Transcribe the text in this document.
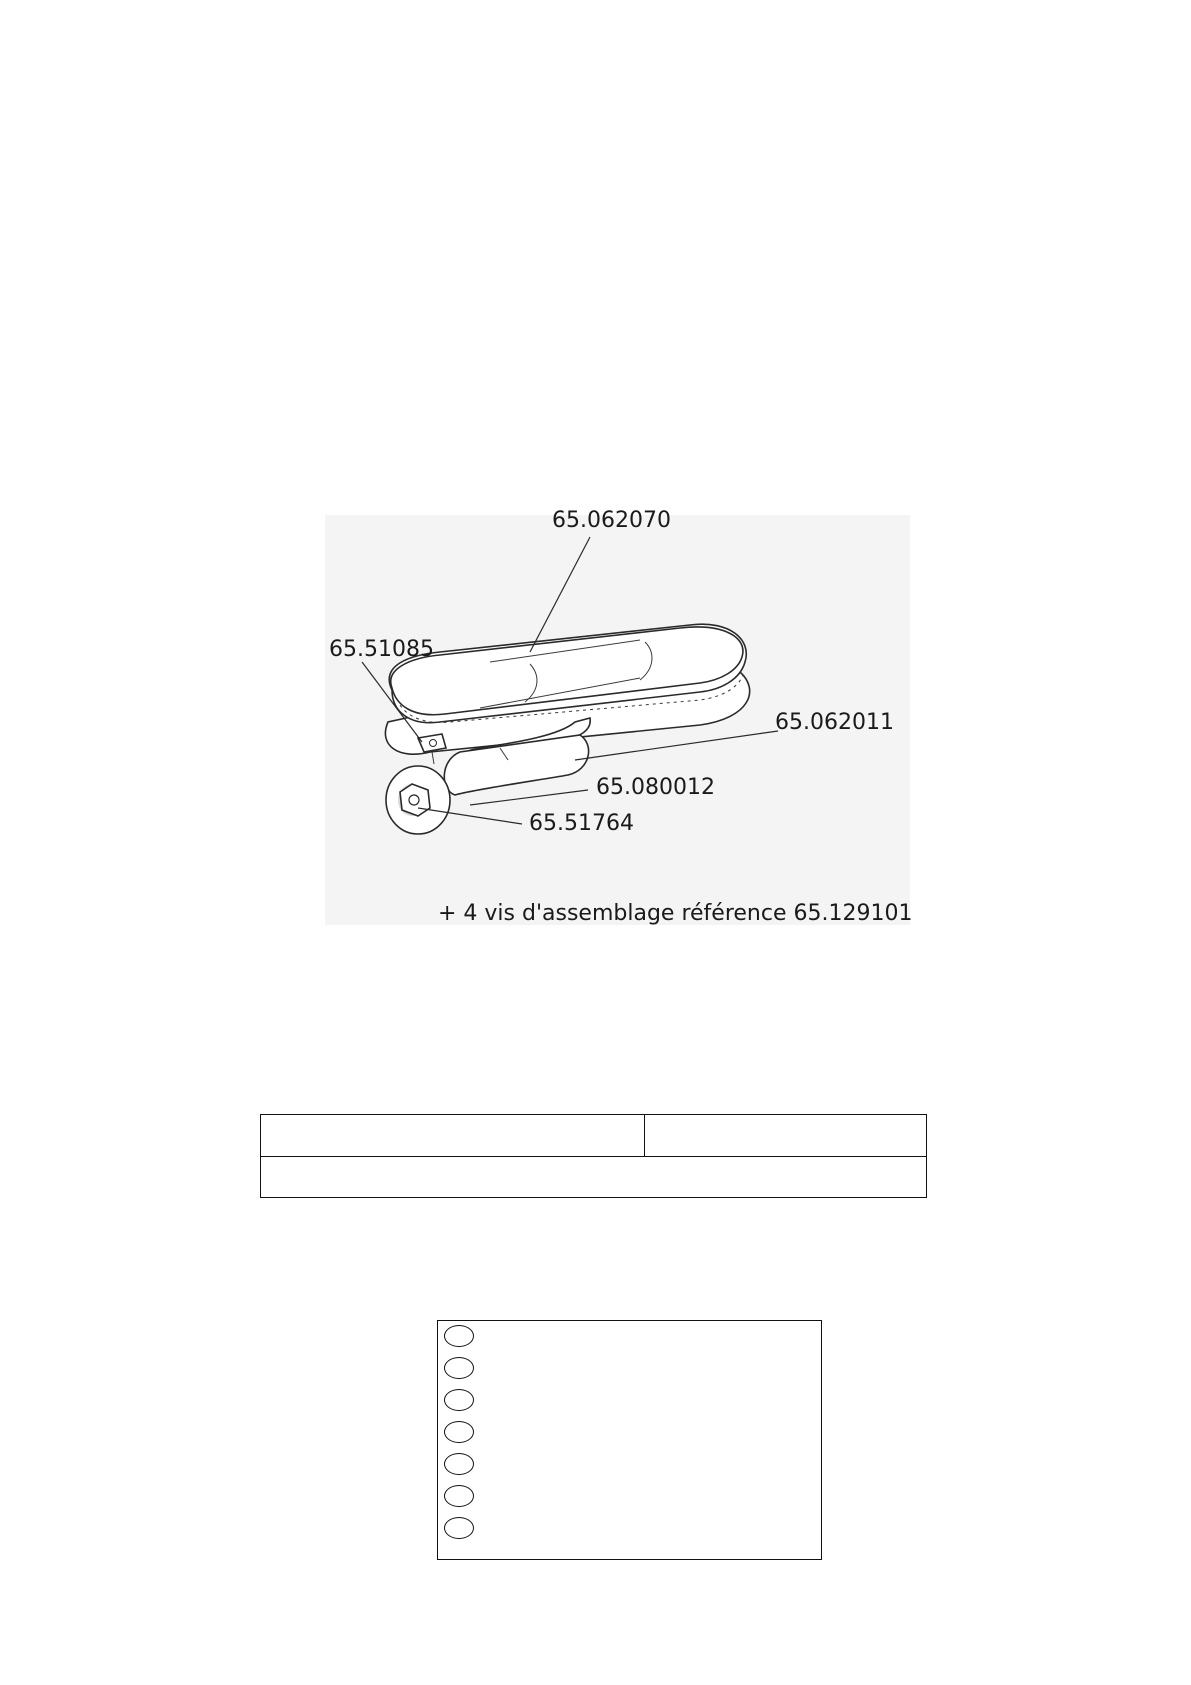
65.062070
65.51085
65.062011
65.080012
65.51764
+ 4 vis d'assemblage référence 65.129101
